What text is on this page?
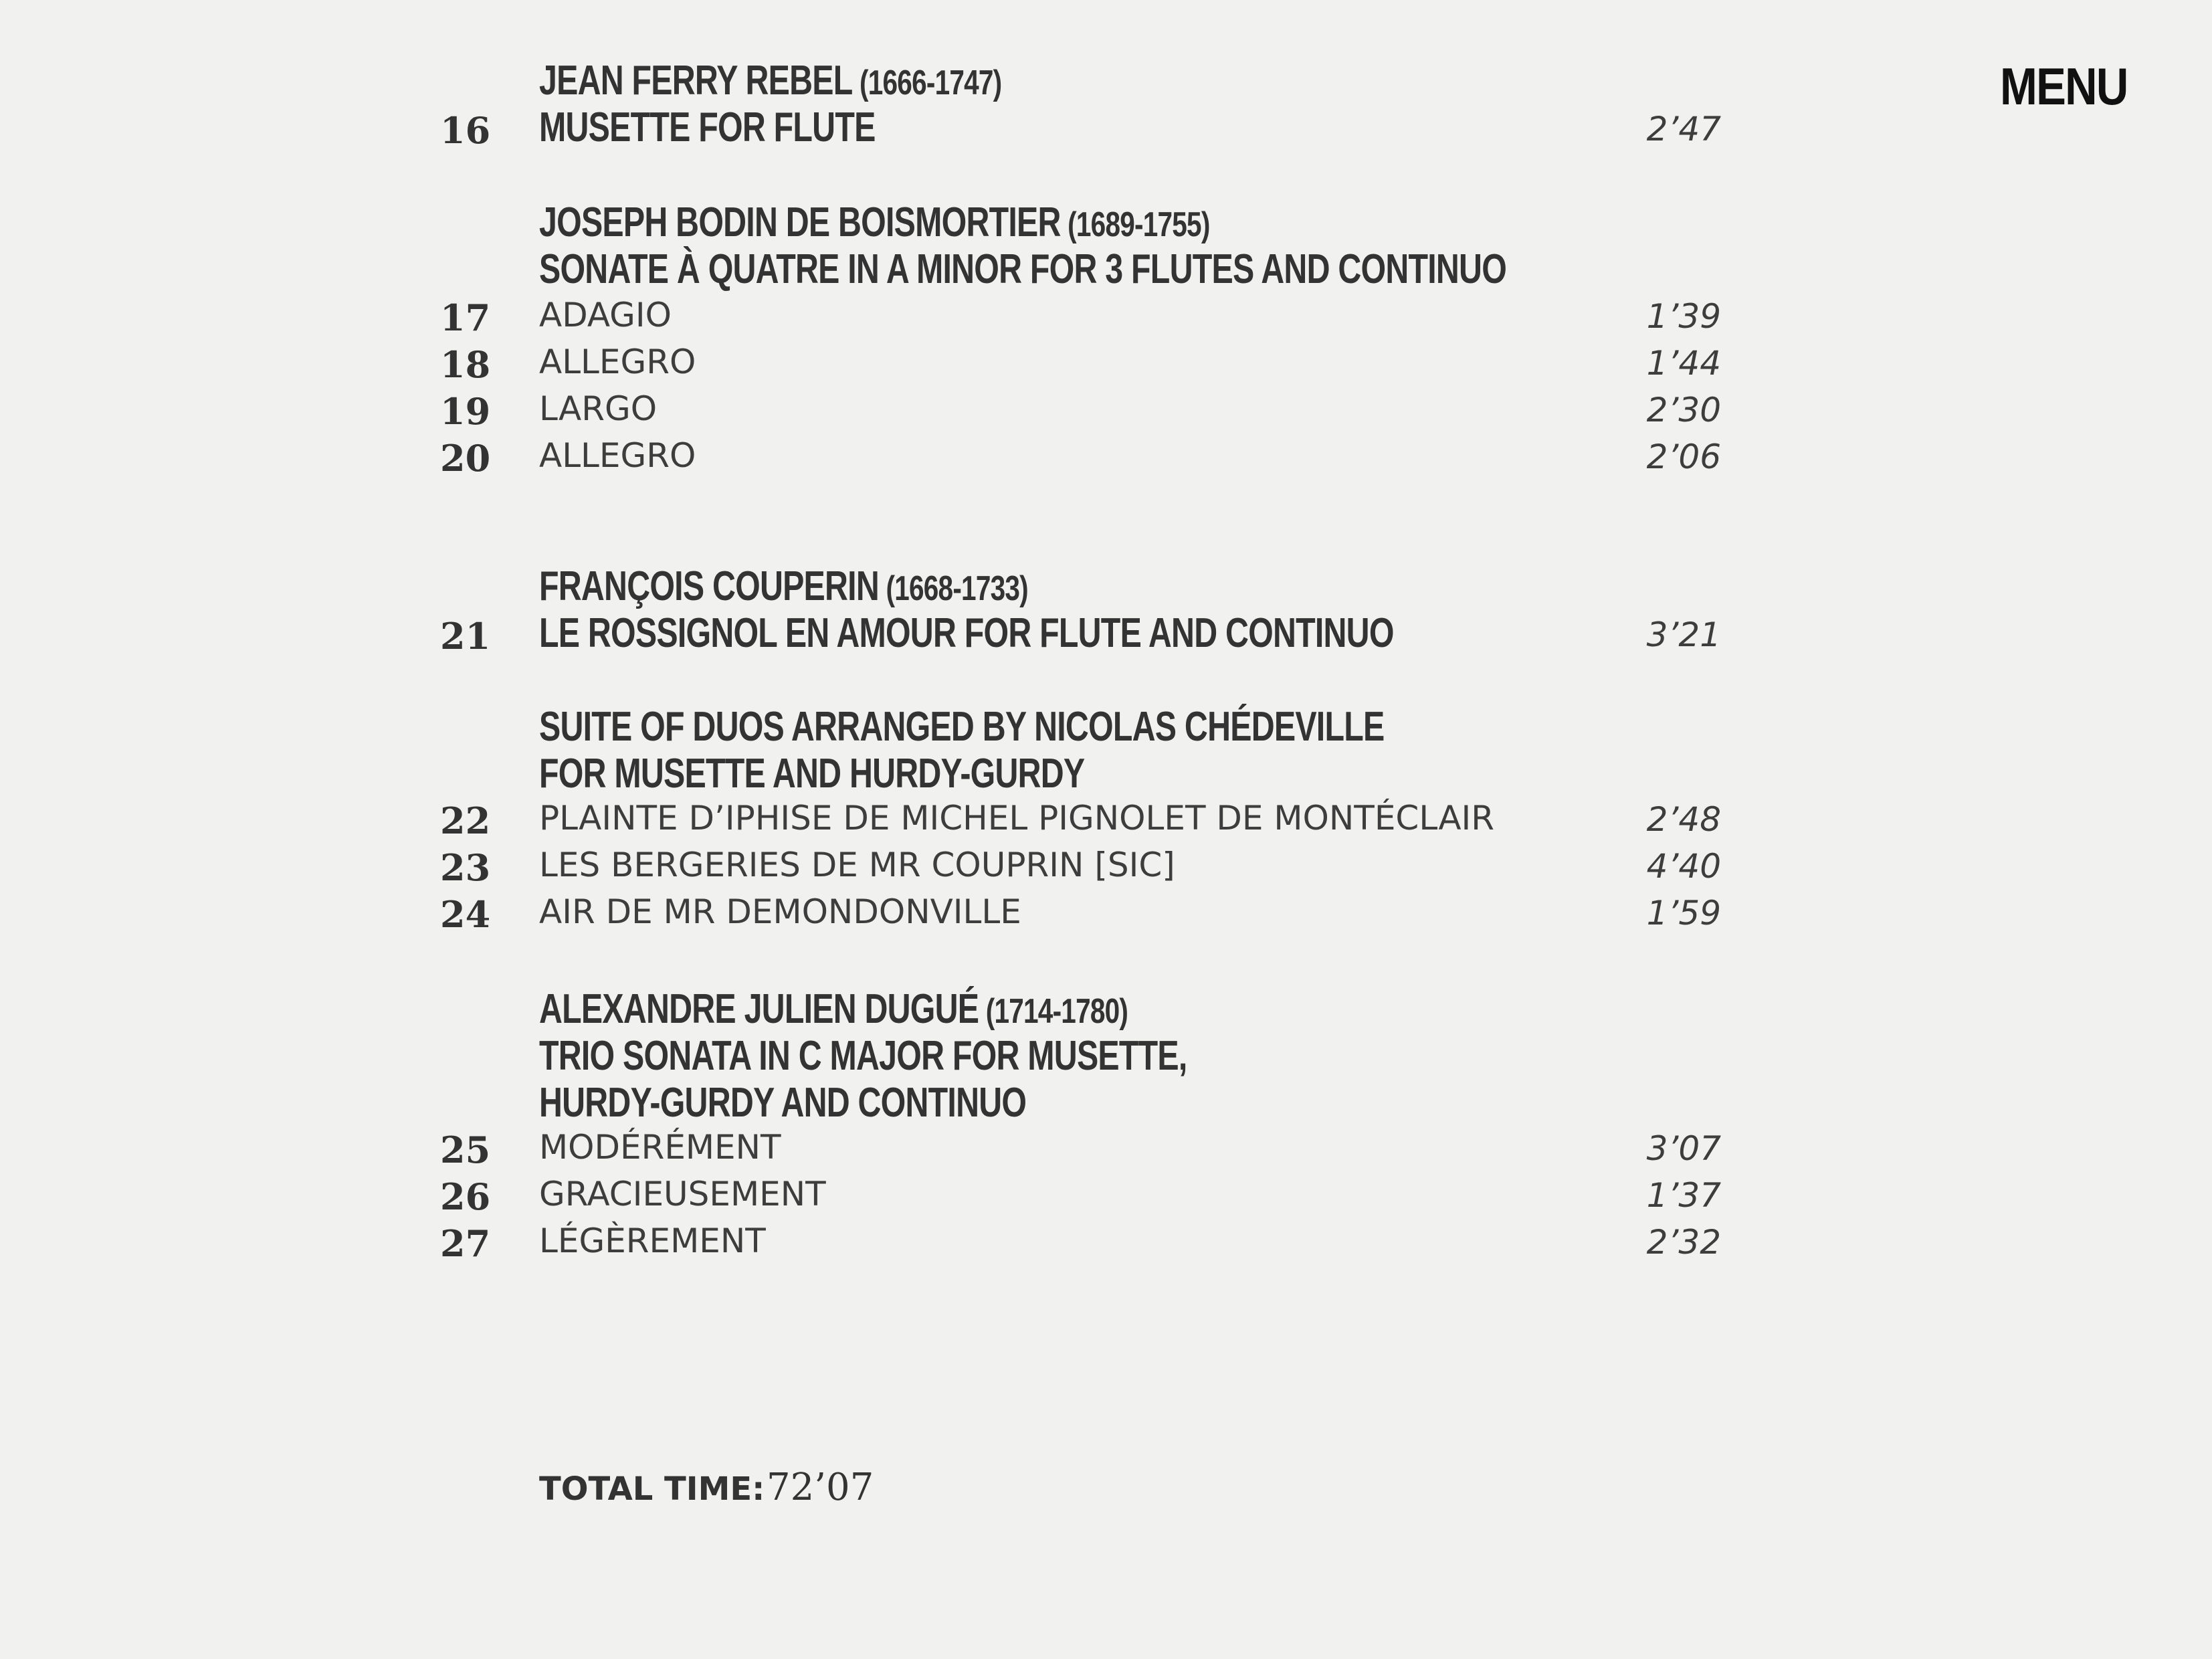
MENU
JEAN FERRY REBEL (1666-1747)
MUSETTE FOR FLUTE
16	2’47
JOSEPH BODIN DE BOISMORTIER (1689-1755)
SONATE À QUATRE IN A MINOR FOR 3 FLUTES AND CONTINUO
17 ADAGIO	1’39
18 ALLEGRO	1’44
19 LARGO	2’30
20 ALLEGRO	2’06
FRANÇOIS COUPERIN (1668-1733)
LE ROSSIGNOL EN AMOUR FOR FLUTE AND CONTINUO
21	3’21
SUITE OF DUOS ARRANGED BY NICOLAS CHÉDEVILLE
FOR MUSETTE AND HURDY-GURDY
22 PLAINTE D’IPHISE DE MICHEL PIGNOLET DE MONTÉCLAIR	2’48
23 LES BERGERIES DE MR COUPRIN [SIC]	4’40
24 AIR DE MR DEMONDONVILLE	1’59
ALEXANDRE JULIEN DUGUÉ (1714-1780)
TRIO SONATA IN C MAJOR FOR MUSETTE,
HURDY-GURDY AND CONTINUO
25 MODÉRÉMENT	3’07
26 GRACIEUSEMENT	1’37
27 LÉGÈREMENT	2’32
TOTAL TIME: 72’07
